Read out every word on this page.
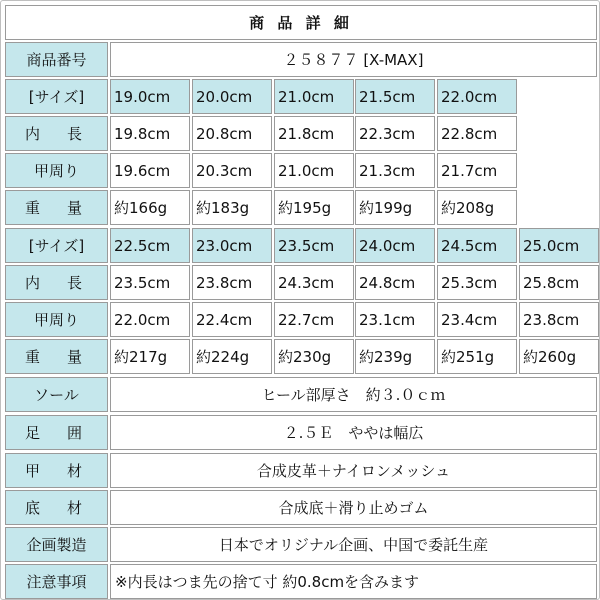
商 品 詳 細
商品番号	２５８７７ [X-MAX]
[サイズ]	19.0cm	20.0cm	21.0cm	21.5cm	22.0cm
内　長	19.8cm	20.8cm	21.8cm	22.3cm	22.8cm
甲周り	19.6cm	20.3cm	21.0cm	21.3cm	21.7cm
重　量	約166g	約183g	約195g	約199g	約208g
[サイズ]	22.5cm	23.0cm	23.5cm	24.0cm	24.5cm	25.0cm
内　長	23.5cm	23.8cm	24.3cm	24.8cm	25.3cm	25.8cm
甲周り	22.0cm	22.4cm	22.7cm	23.1cm	23.4cm	23.8cm
重　量	約217g	約224g	約230g	約239g	約251g	約260g
ソール	ヒール部厚さ　約３.０ｃｍ
足　囲	２.５Ｅ　ややは幅広
甲　材	合成皮革＋ナイロンメッシュ
底　材	合成底＋滑り止めゴム
企画製造	日本でオリジナル企画、中国で委託生産
注意事項	※内長はつま先の捨て寸 約0.8cmを含みます
